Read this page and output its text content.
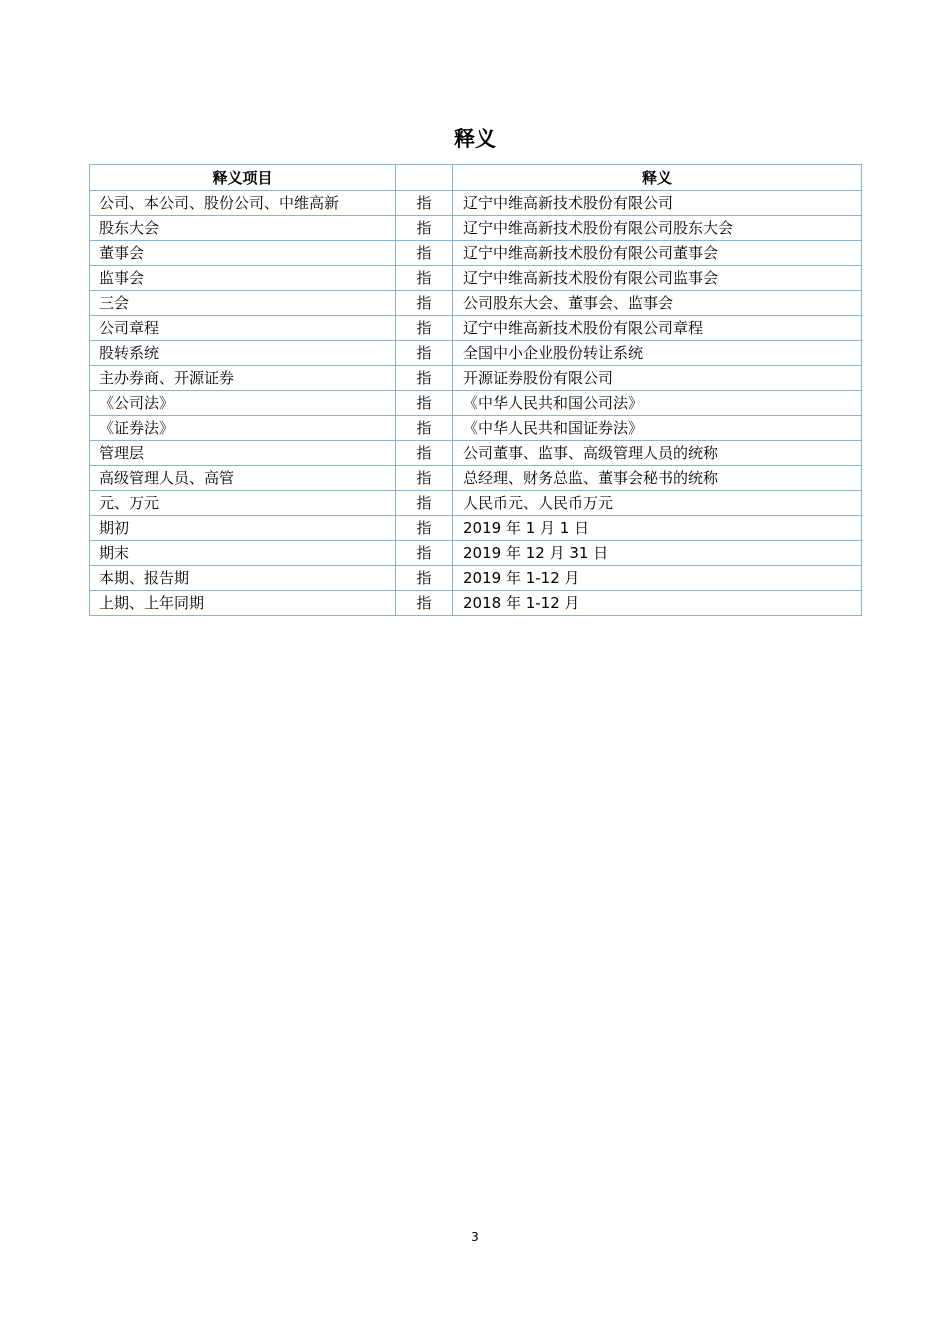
释义
释义项目		释义
公司、本公司、股份公司、中维高新	指	辽宁中维高新技术股份有限公司
股东大会	指	辽宁中维高新技术股份有限公司股东大会
董事会	指	辽宁中维高新技术股份有限公司董事会
监事会	指	辽宁中维高新技术股份有限公司监事会
三会	指	公司股东大会、董事会、监事会
公司章程	指	辽宁中维高新技术股份有限公司章程
股转系统	指	全国中小企业股份转让系统
主办券商、开源证券	指	开源证券股份有限公司
《公司法》	指	《中华人民共和国公司法》
《证券法》	指	《中华人民共和国证券法》
管理层	指	公司董事、监事、高级管理人员的统称
高级管理人员、高管	指	总经理、财务总监、董事会秘书的统称
元、万元	指	人民币元、人民币万元
期初	指	2019 年 1 月 1 日
期末	指	2019 年 12 月 31 日
本期、报告期	指	2019 年 1-12 月
上期、上年同期	指	2018 年 1-12 月
3
